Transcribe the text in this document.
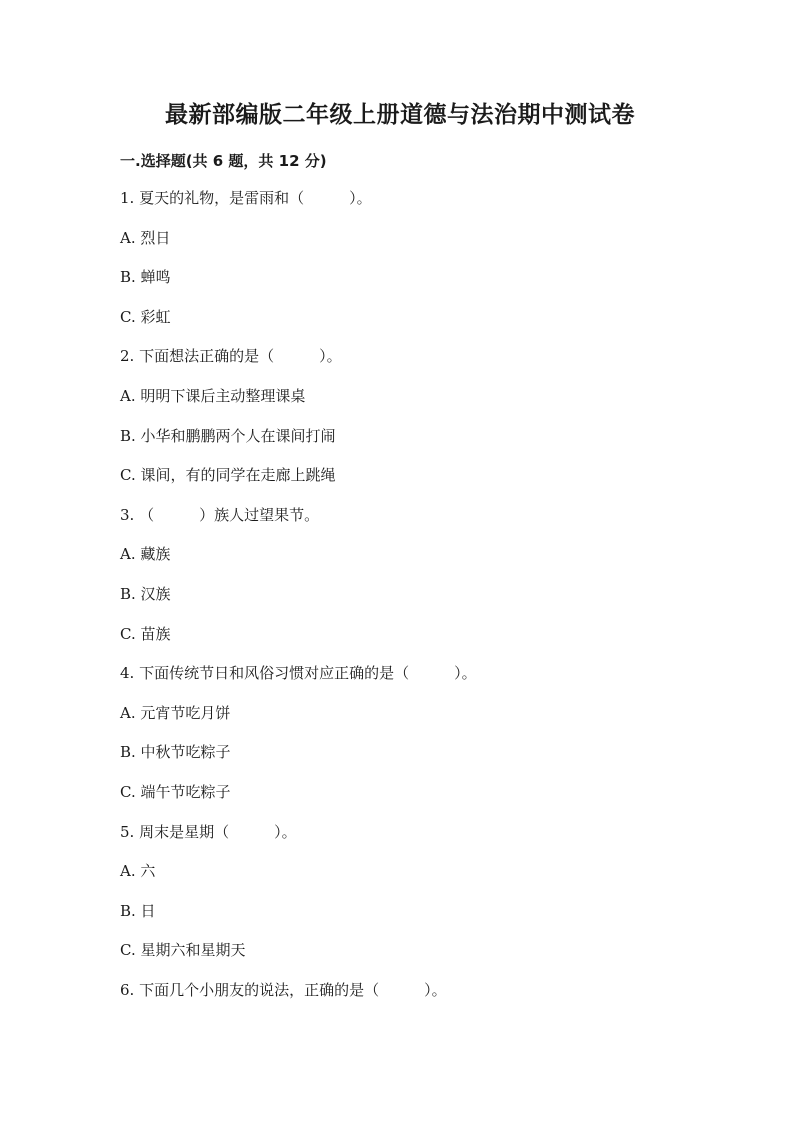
最新部编版二年级上册道德与法治期中测试卷
一.选择题(共 6 题，共 12 分)
1. 夏天的礼物，是雷雨和（　　　）。
A. 烈日
B. 蝉鸣
C. 彩虹
2. 下面想法正确的是（　　　）。
A. 明明下课后主动整理课桌
B. 小华和鹏鹏两个人在课间打闹
C. 课间，有的同学在走廊上跳绳
3. （　　　）族人过望果节。
A. 藏族
B. 汉族
C. 苗族
4. 下面传统节日和风俗习惯对应正确的是（　　　）。
A. 元宵节吃月饼
B. 中秋节吃粽子
C. 端午节吃粽子
5. 周末是星期（　　　）。
A. 六
B. 日
C. 星期六和星期天
6. 下面几个小朋友的说法，正确的是（　　　）。
